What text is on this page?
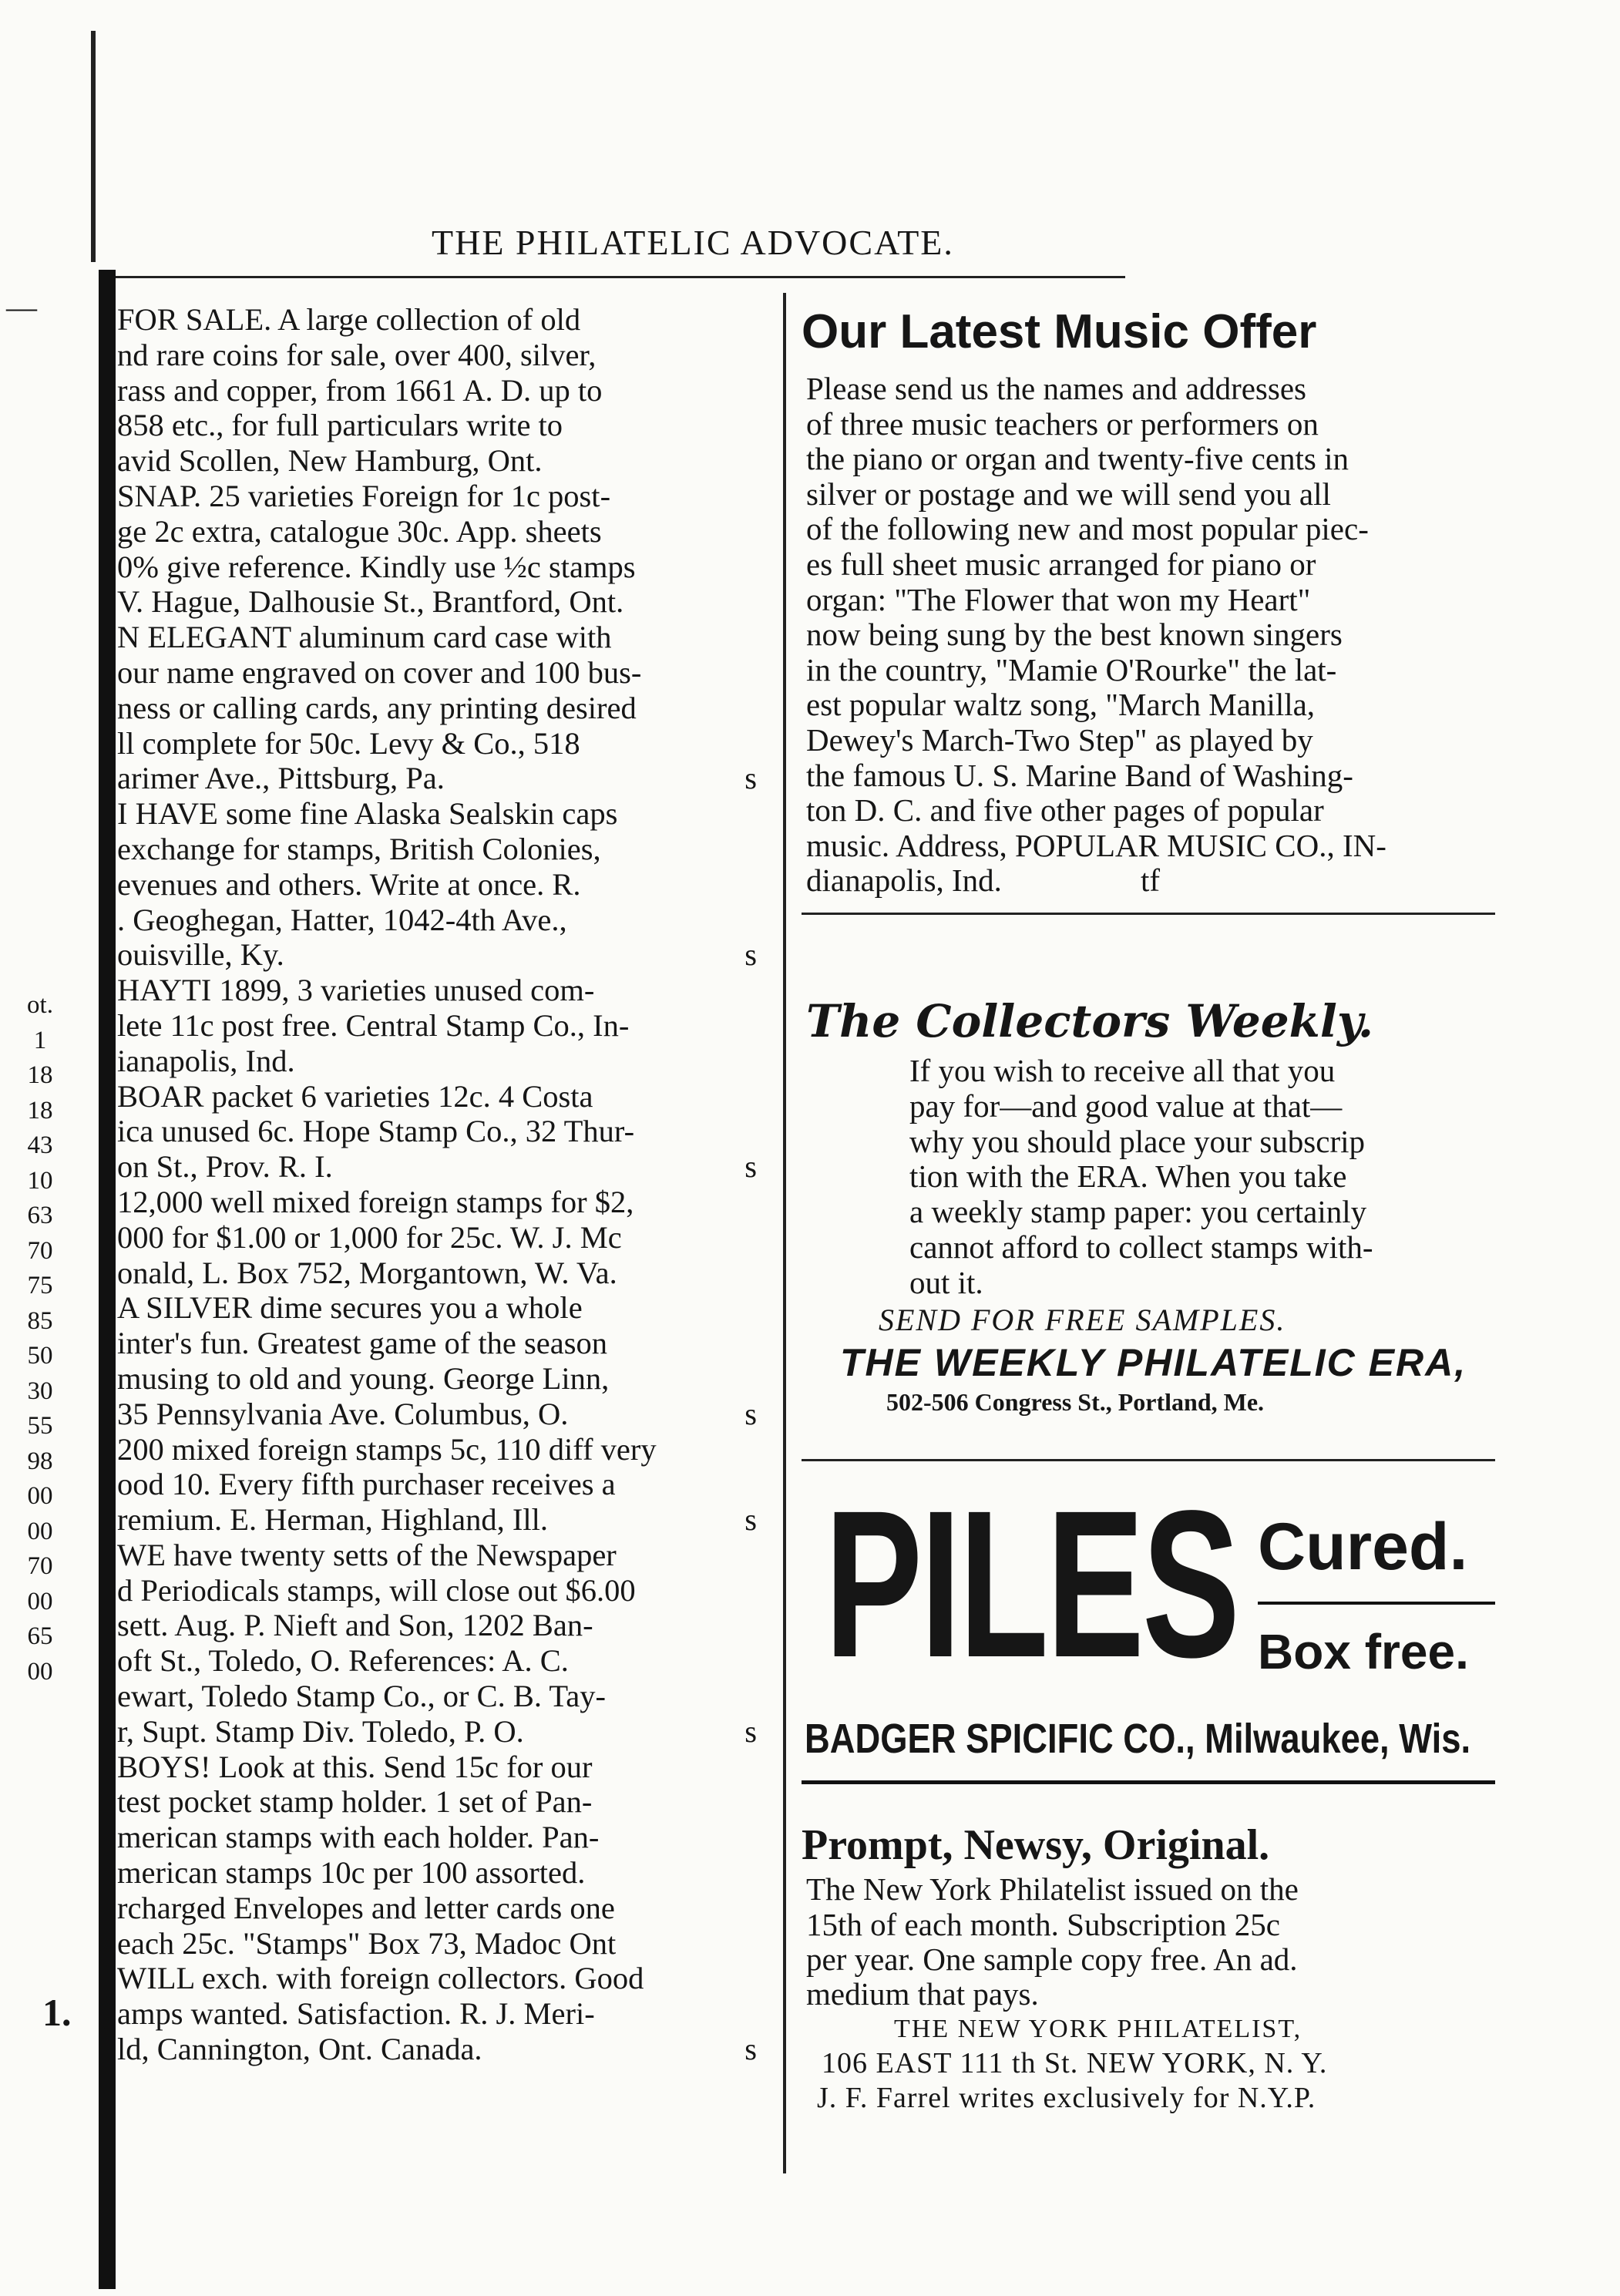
—
THE PHILATELIC ADVOCATE.
ot.
1
18
18
43
10
63
70
75
85
50
30
55
98
00
00
70
00
65
00
1.

FOR SALE. A large collection of old
nd rare coins for sale, over 400, silver,
rass and copper, from 1661 A. D. up to
858 etc., for full particulars write to
avid Scollen, New Hamburg, Ont.

SNAP. 25 varieties Foreign for 1c post-
ge 2c extra, catalogue 30c. App. sheets
0% give reference. Kindly use ½c stamps
V. Hague, Dalhousie St., Brantford, Ont.

N ELEGANT aluminum card case with
our name engraved on cover and 100 bus-
ness or calling cards, any printing desired
ll complete for 50c. Levy & Co., 518
arimer Ave., Pittsburg, Pa.	s

I HAVE some fine Alaska Sealskin caps
exchange for stamps, British Colonies,
evenues and others. Write at once. R.
. Geoghegan, Hatter, 1042-4th Ave.,
ouisville, Ky.	s

HAYTI 1899, 3 varieties unused com-
lete 11c post free. Central Stamp Co., In-
ianapolis, Ind.

BOAR packet 6 varieties 12c. 4 Costa
ica unused 6c. Hope Stamp Co., 32 Thur-
on St., Prov. R. I.	s

12,000 well mixed foreign stamps for $2,
000 for $1.00 or 1,000 for 25c. W. J. Mc
onald, L. Box 752, Morgantown, W. Va.

A SILVER dime secures you a whole
inter's fun. Greatest game of the season
musing to old and young. George Linn,
35 Pennsylvania Ave. Columbus, O.	s

200 mixed foreign stamps 5c, 110 diff very
ood 10. Every fifth purchaser receives a
remium. E. Herman, Highland, Ill.	s

WE have twenty setts of the Newspaper
d Periodicals stamps, will close out $6.00
sett. Aug. P. Nieft and Son, 1202 Ban-
oft St., Toledo, O. References: A. C.
ewart, Toledo Stamp Co., or C. B. Tay-
r, Supt. Stamp Div. Toledo, P. O.	s

BOYS! Look at this. Send 15c for our
test pocket stamp holder. 1 set of Pan-
merican stamps with each holder. Pan-
merican stamps 10c per 100 assorted.
rcharged Envelopes and letter cards one
each 25c. "Stamps" Box 73, Madoc Ont

WILL exch. with foreign collectors. Good
amps wanted. Satisfaction. R. J. Meri-
ld, Cannington, Ont. Canada.	s

Our Latest Music Offer
Please send us the names and addresses
of three music teachers or performers on
the piano or organ and twenty-five cents in
silver or postage and we will send you all
of the following new and most popular piec-
es full sheet music arranged for piano or
organ: "The Flower that won my Heart"
now being sung by the best known singers
in the country, "Mamie O'Rourke" the lat-
est popular waltz song, "March Manilla,
Dewey's March-Two Step" as played by
the famous U. S. Marine Band of Washing-
ton D. C. and five other pages of popular
music. Address, POPULAR MUSIC CO., IN-
dianapolis, Ind.	tf
The Collectors Weekly.
If you wish to receive all that you
pay for—and good value at that—
why you should place your subscrip
tion with the ERA. When you take
a weekly stamp paper: you certainly
cannot afford to collect stamps with-
out it.
SEND FOR FREE SAMPLES.
THE WEEKLY PHILATELIC ERA,
502-506 Congress St., Portland, Me.
PILES Cured.
Box free.
BADGER SPICIFIC CO., Milwaukee, Wis.
Prompt, Newsy, Original.
The New York Philatelist issued on the
15th of each month. Subscription 25c
per year. One sample copy free. An ad.
medium that pays.
THE NEW YORK PHILATELIST,
106 EAST 111 th St. NEW YORK, N. Y.
J. F. Farrel writes exclusively for N.Y.P.
